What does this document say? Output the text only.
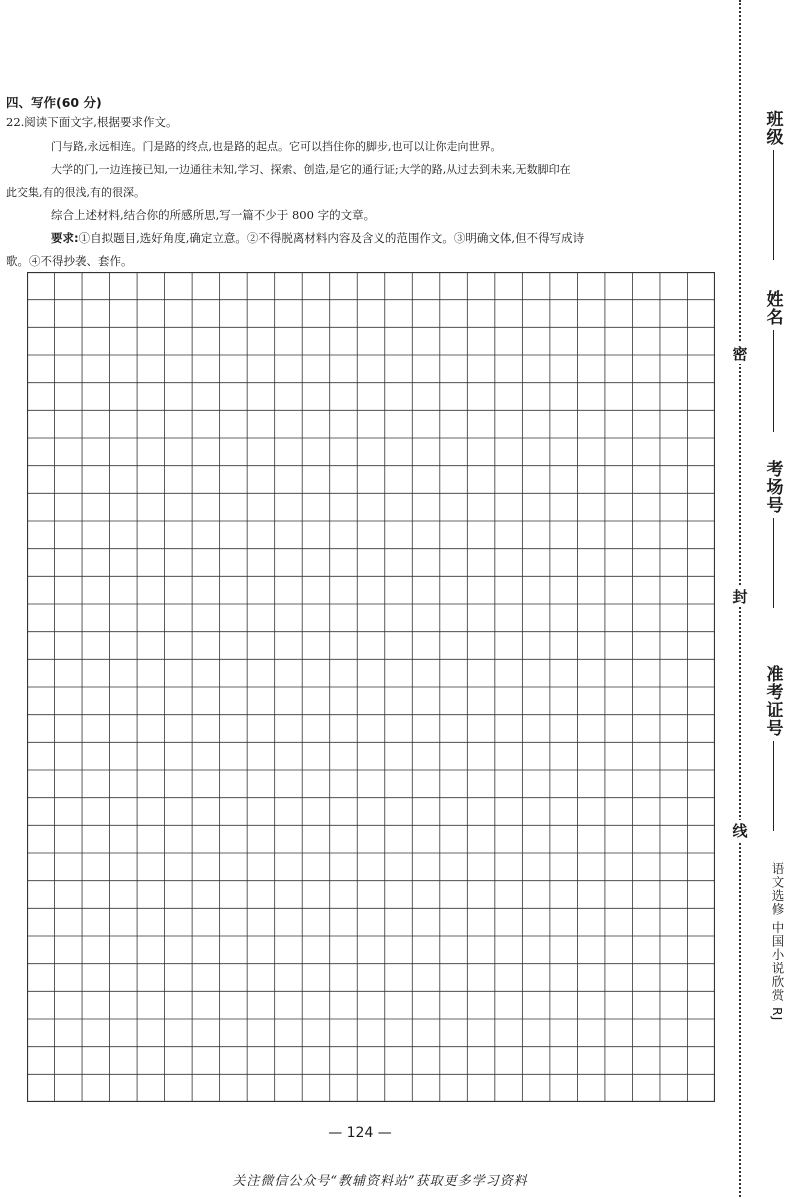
四、写作(60 分)
22.阅读下面文字,根据要求作文。
门与路,永远相连。门是路的终点,也是路的起点。它可以挡住你的脚步,也可以让你走向世界。
大学的门,一边连接已知,一边通往未知,学习、探索、创造,是它的通行证;大学的路,从过去到未来,无数脚印在
此交集,有的很浅,有的很深。
综合上述材料,结合你的所感所思,写一篇不少于 800 字的文章。
要求:①自拟题目,选好角度,确定立意。②不得脱离材料内容及含义的范围作文。③明确文体,但不得写成诗
歌。④不得抄袭、套作。
— 124 —
关注微信公众号“教辅资料站”获取更多学习资料
密
封
线
班级
姓名
考场号
准考证号
语文选修 中国小说欣赏 RJ
